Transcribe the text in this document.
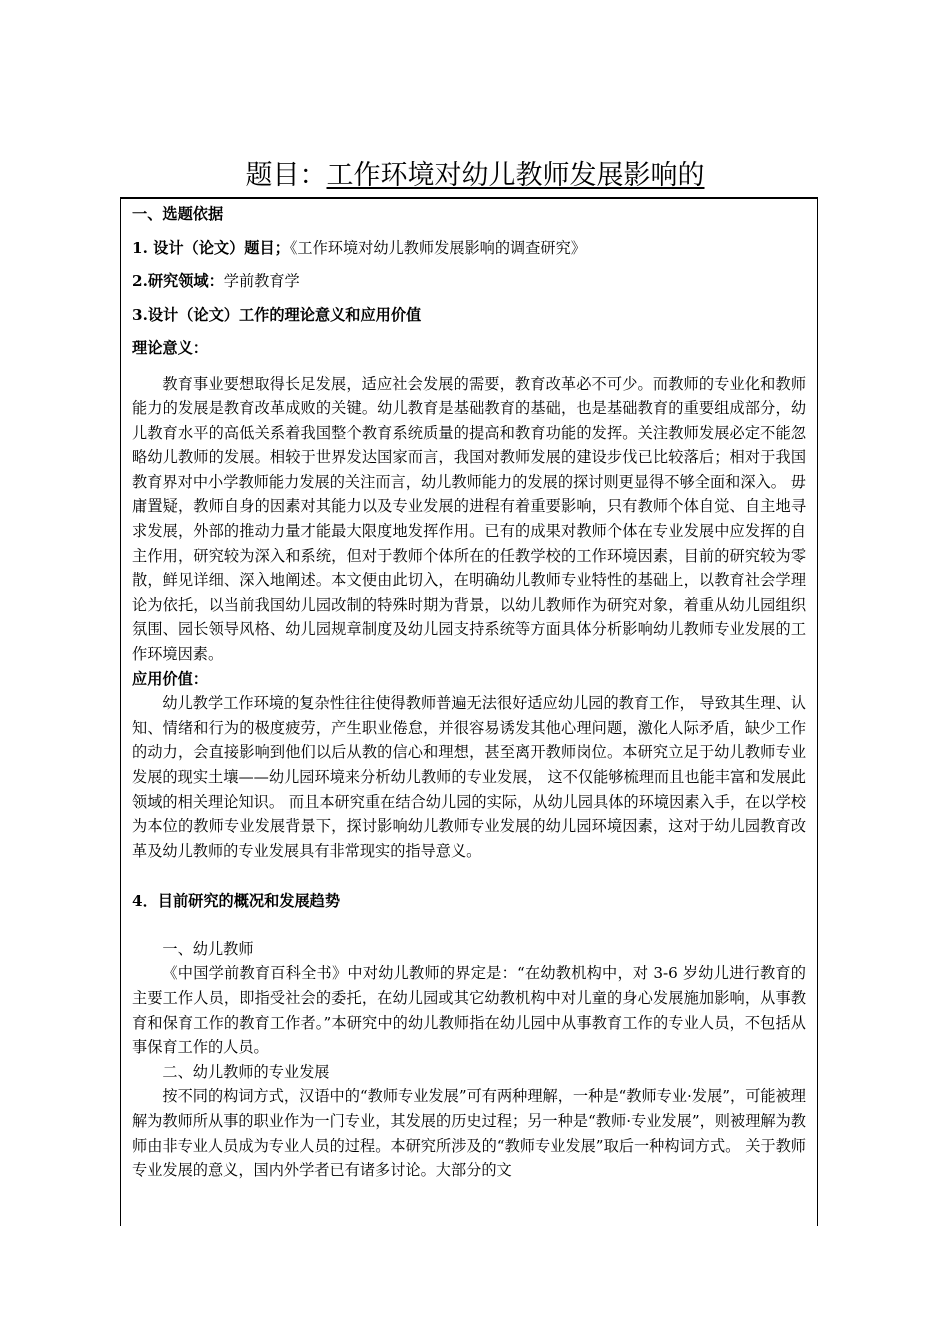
题目：工作环境对幼儿教师发展影响的
一、选题依据
1. 设计（论文）题目；《工作环境对幼儿教师发展影响的调查研究》
2.研究领域：学前教育学
3.设计（论文）工作的理论意义和应用价值
理论意义：

教育事业要想取得长足发展，适应社会发展的需要，教育改革必不可少。而教师的专业化和教师能力的发展是教育改革成败的关键。幼儿教育是基础教育的基础，也是基础教育的重要组成部分，幼儿教育水平的高低关系着我国整个教育系统质量的提高和教育功能的发挥。关注教师发展必定不能忽略幼儿教师的发展。相较于世界发达国家而言，我国对教师发展的建设步伐已比较落后；相对于我国教育界对中小学教师能力发展的关注而言，幼儿教师能力的发展的探讨则更显得不够全面和深入。 毋庸置疑，教师自身的因素对其能力以及专业发展的进程有着重要影响，只有教师个体自觉、自主地寻求发展，外部的推动力量才能最大限度地发挥作用。已有的成果对教师个体在专业发展中应发挥的自主作用，研究较为深入和系统，但对于教师个体所在的任教学校的工作环境因素，目前的研究较为零散，鲜见详细、深入地阐述。本文便由此切入，在明确幼儿教师专业特性的基础上，以教育社会学理论为依托，以当前我国幼儿园改制的特殊时期为背景，以幼儿教师作为研究对象，着重从幼儿园组织氛围、园长领导风格、幼儿园规章制度及幼儿园支持系统等方面具体分析影响幼儿教师专业发展的工作环境因素。

应用价值：

幼儿教学工作环境的复杂性往往使得教师普遍无法很好适应幼儿园的教育工作， 导致其生理、认知、情绪和行为的极度疲劳，产生职业倦怠，并很容易诱发其他心理问题，激化人际矛盾，缺少工作的动力，会直接影响到他们以后从教的信心和理想，甚至离开教师岗位。本研究立足于幼儿教师专业发展的现实土壤——幼儿园环境来分析幼儿教师的专业发展， 这不仅能够梳理而且也能丰富和发展此领域的相关理论知识。 而且本研究重在结合幼儿园的实际，从幼儿园具体的环境因素入手，在以学校为本位的教师专业发展背景下，探讨影响幼儿教师专业发展的幼儿园环境因素，这对于幼儿园教育改革及幼儿教师的专业发展具有非常现实的指导意义。

4．目前研究的概况和发展趋势

一、幼儿教师

《中国学前教育百科全书》中对幼儿教师的界定是：“在幼教机构中，对 3-6 岁幼儿进行教育的主要工作人员，即指受社会的委托，在幼儿园或其它幼教机构中对儿童的身心发展施加影响，从事教育和保育工作的教育工作者。”本研究中的幼儿教师指在幼儿园中从事教育工作的专业人员，不包括从事保育工作的人员。

二、幼儿教师的专业发展

按不同的构词方式，汉语中的“教师专业发展”可有两种理解，一种是“教师专业·发展”，可能被理解为教师所从事的职业作为一门专业，其发展的历史过程；另一种是“教师·专业发展”，则被理解为教师由非专业人员成为专业人员的过程。本研究所涉及的“教师专业发展”取后一种构词方式。 关于教师专业发展的意义，国内外学者已有诸多讨论。大部分的文
